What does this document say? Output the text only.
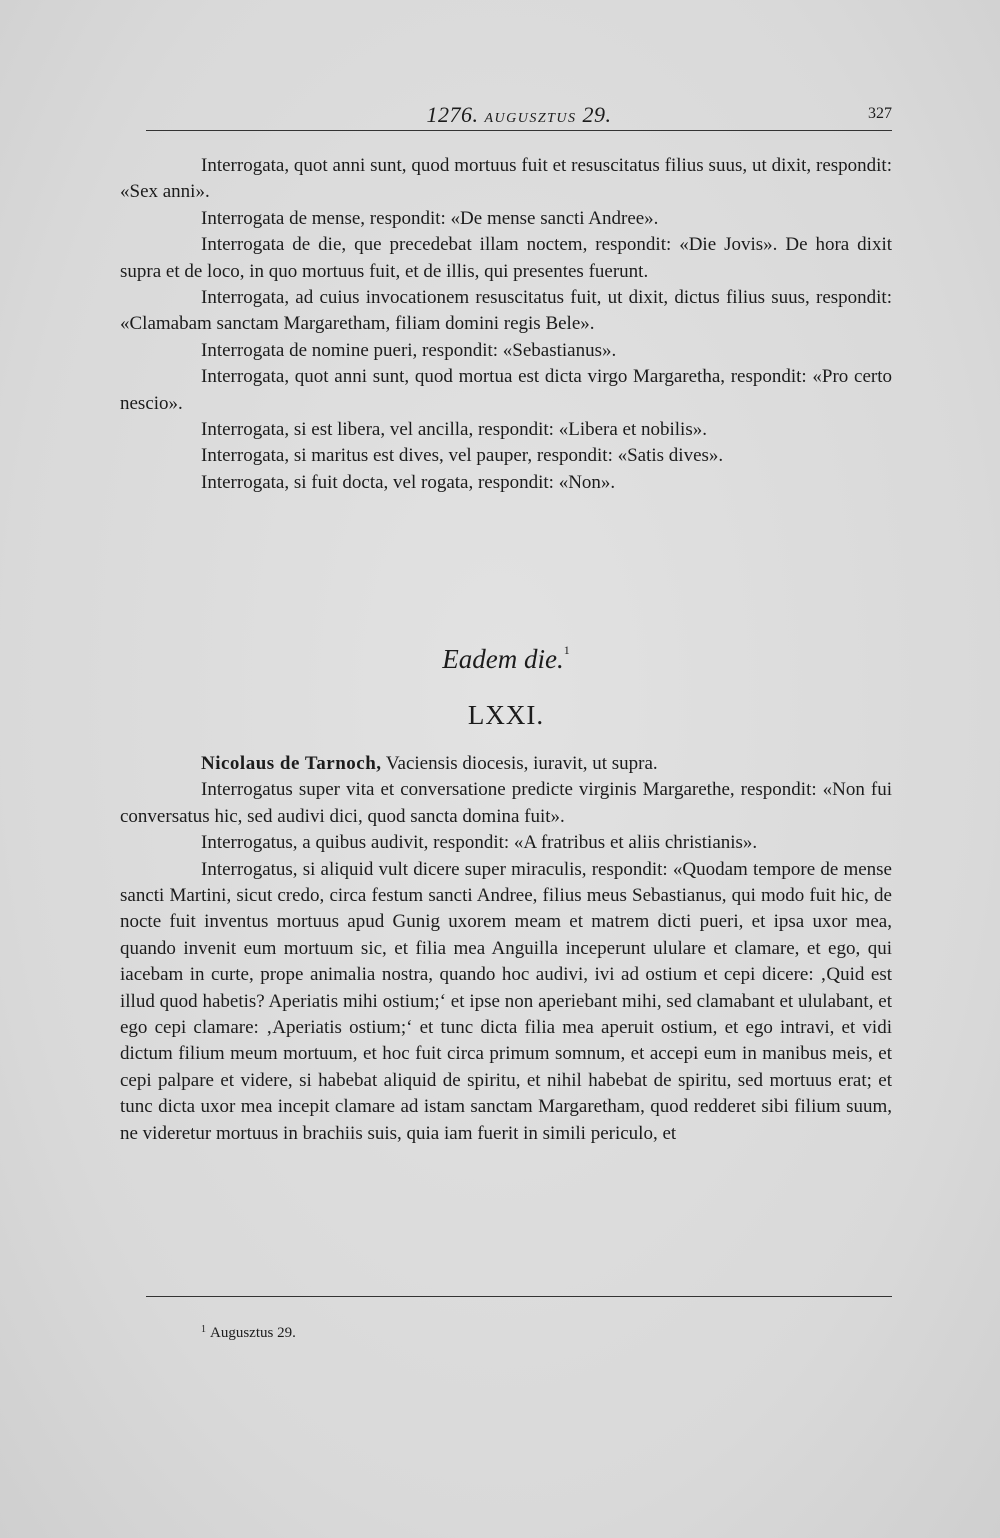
1276. AUGUSZTUS 29.	327

Interrogata, quot anni sunt, quod mortuus fuit et resuscitatus filius suus, ut dixit, respondit: «Sex anni».

Interrogata de mense, respondit: «De mense sancti Andree».

Interrogata de die, que precedebat illam noctem, respondit: «Die Jovis». De hora dixit supra et de loco, in quo mortuus fuit, et de illis, qui presentes fuerunt.

Interrogata, ad cuius invocationem resuscitatus fuit, ut dixit, dictus filius suus, respondit: «Clamabam sanctam Margaretham, filiam domini regis Bele».

Interrogata de nomine pueri, respondit: «Sebastianus».

Interrogata, quot anni sunt, quod mortua est dicta virgo Margaretha, respondit: «Pro certo nescio».

Interrogata, si est libera, vel ancilla, respondit: «Libera et nobilis».

Interrogata, si maritus est dives, vel pauper, respondit: «Satis dives».

Interrogata, si fuit docta, vel rogata, respondit: «Non».

Eadem die.$^1$
LXXI.

Nicolaus de Tarnoch, Vaciensis diocesis, iuravit, ut supra.

Interrogatus super vita et conversatione predicte virginis Margarethe, respondit: «Non fui conversatus hic, sed audivi dici, quod sancta domina fuit».

Interrogatus, a quibus audivit, respondit: «A fratribus et aliis christianis».

Interrogatus, si aliquid vult dicere super miraculis, respondit: «Quodam tempore de mense sancti Martini, sicut credo, circa festum sancti Andree, filius meus Sebastianus, qui modo fuit hic, de nocte fuit inventus mortuus apud Gunig uxorem meam et matrem dicti pueri, et ipsa uxor mea, quando invenit eum mortuum sic, et filia mea Anguilla inceperunt ululare et clamare, et ego, qui iacebam in curte, prope animalia nostra, quando hoc audivi, ivi ad ostium et cepi dicere: ‚Quid est illud quod habetis? Aperiatis mihi ostium;‘ et ipse non aperiebant mihi, sed clamabant et ululabant, et ego cepi clamare: ‚Aperiatis ostium;‘ et tunc dicta filia mea aperuit ostium, et ego intravi, et vidi dictum filium meum mortuum, et hoc fuit circa primum somnum, et accepi eum in manibus meis, et cepi palpare et videre, si habebat aliquid de spiritu, et nihil habebat de spiritu, sed mortuus erat; et tunc dicta uxor mea incepit clamare ad istam sanctam Margaretham, quod redderet sibi filium suum, ne videretur mortuus in brachiis suis, quia iam fuerit in simili periculo, et

$^1$ Augusztus 29.
